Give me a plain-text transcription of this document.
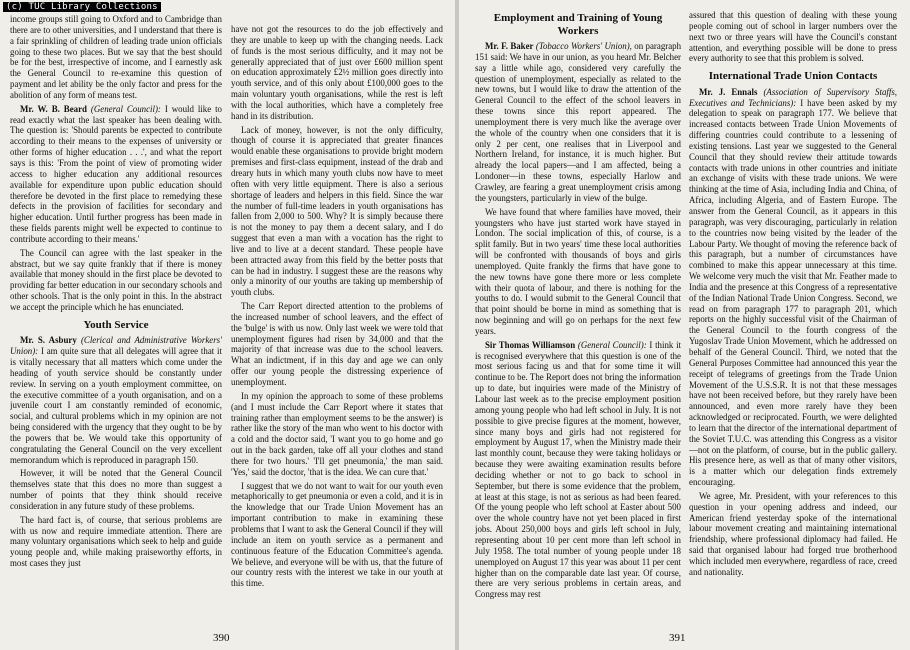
income groups still going to Oxford and to Cambridge than there are to other universities, and I understand that there is a fair sprinkling of children of leading trade union officials going to these two places. But we say that the best should be for the best, irrespective of income, and I earnestly ask the General Council to re-examine this question of payment and let ability be the only factor and press for the abolition of any form of means test.

Mr. W. B. Beard (General Council): I would like to read exactly what the last speaker has been dealing with. The question is: 'Should parents be expected to contribute according to their means to the expenses of university or other forms of higher education . . .', and what the report says is this: 'From the point of view of promoting wider access to higher education any additional resources available for expenditure upon public education should therefore be devoted in the first place to remedying these defects in the provision of facilities for secondary and higher education. Until further progress has been made in these fields parents might well be expected to continue to contribute according to their means.'

The Council can agree with the last speaker in the abstract, but we say quite frankly that if there is money available that money should in the first place be devoted to providing far better education in our secondary schools and other schools. That is the only point in this. In the abstract we accept the principle which he has enunciated.

Youth Service

Mr. S. Asbury (Clerical and Administrative Workers' Union): I am quite sure that all delegates will agree that it is vitally necessary that all matters which come under the heading of youth service should be constantly under review. In serving on a youth employment committee, on the executive committee of a youth organisation, and on a juvenile court I am constantly reminded of economic, social, and cultural problems which in my opinion are not being considered with the urgency that they ought to be by the powers that be. We would take this opportunity of congratulating the General Council on the very excellent memorandum which is reproduced in paragraph 150.

However, it will be noted that the General Council themselves state that this does no more than suggest a number of points that they think should receive consideration in any future study of these problems.

The hard fact is, of course, that serious problems are with us now and require immediate attention. There are many voluntary organisations which seek to help and guide young people and, while making praiseworthy efforts, in most cases they just

have not got the resources to do the job effectively and they are unable to keep up with the changing needs. Lack of funds is the most serious difficulty, and it may not be generally appreciated that of just over £600 million spent on education approximately £2½ million goes directly into youth service, and of this only about £100,000 goes to the main voluntary youth organisations, while the rest is left with the local authorities, which have a completely free hand in its distribution.

Lack of money, however, is not the only difficulty, though of course it is appreciated that greater finances would enable these organisations to provide bright modern premises and first-class equipment, instead of the drab and dreary huts in which many youth clubs now have to meet often with very little equipment. There is also a serious shortage of leaders and helpers in this field. Since the war the number of full-time leaders in youth organisations has fallen from 2,000 to 500. Why? It is simply because there is not the money to pay them a decent salary, and I do suggest that even a man with a vocation has the right to live and to live at a decent standard. These people have been attracted away from this field by the better posts that can be had in industry. I suggest these are the reasons why only a minority of our youths are taking up membership of youth clubs.

The Carr Report directed attention to the problems of the increased number of school leavers, and the effect of the 'bulge' is with us now. Only last week we were told that unemployment figures had risen by 34,000 and that the majority of that increase was due to the school leavers. What an indictment, if in this day and age we can only offer our young people the distressing experience of unemployment.

In my opinion the approach to some of these problems (and I must include the Carr Report where it states that training rather than employment seems to be the answer) is rather like the story of the man who went to his doctor with a cold and the doctor said, 'I want you to go home and go out in the back garden, take off all your clothes and stand there for two hours.' 'I'll get pneumonia,' the man said. 'Yes,' said the doctor, 'that is the idea. We can cure that.'

I suggest that we do not want to wait for our youth even metaphorically to get pneumonia or even a cold, and it is in the knowledge that our Trade Union Movement has an important contribution to make in examining these problems that I want to ask the General Council if they will include an item on youth service as a permanent and continuous feature of the Education Committee's agenda. We believe, and everyone will be with us, that the future of our country rests with the interest we take in our youth at this time.

390
Employment and Training of Young Workers

Mr. F. Baker (Tobacco Workers' Union), on paragraph 151 said: We have in our union, as you heard Mr. Belcher say a little while ago, considered very carefully the question of unemployment, especially as related to the new towns, but I would like to draw the attention of the General Council to the effect of the school leavers in these towns since this report appeared. The unemployment there is very much like the average over the whole of the country when one considers that it is only 2 per cent, one realises that in Liverpool and Northern Ireland, for instance, it is much higher. But already the local papers—and I am affected, being a Londoner—in these towns, especially Harlow and Crawley, are fearing a great unemployment crisis among the youngsters, particularly in view of the bulge.

We have found that where families have moved, their youngsters who have just started work have stayed in London. The social implication of this, of course, is a split family. But in two years' time these local authorities will be confronted with thousands of boys and girls unemployed. Quite frankly the firms that have gone to the new towns have gone there more or less complete with their quota of labour, and there is nothing for the youths to do. I would submit to the General Council that that point should be borne in mind as something that is now beginning and will go on perhaps for the next few years.

Sir Thomas Williamson (General Council): I think it is recognised everywhere that this question is one of the most serious facing us and that for some time it will continue to be. The Report does not bring the information up to date, but inquiries were made of the Ministry of Labour last week as to the precise employment position among young people who had left school in July. It is not possible to give precise figures at the moment, however, since many boys and girls had not registered for employment by August 17, when the Ministry made their last monthly count, because they were taking holidays or because they were awaiting examination results before deciding whether or not to go back to school in September, but there is some evidence that the problem, at least at this stage, is not as serious as had been feared. Of the young people who left school at Easter about 500 over the whole country have not yet been placed in first jobs. About 250,000 boys and girls left school in July, representing about 10 per cent more than left school in July 1958. The total number of young people under 18 unemployed on August 17 this year was about 11 per cent higher than on the comparable date last year. Of course, there are very serious problems in certain areas, and Congress may rest

assured that this question of dealing with these young people coming out of school in larger numbers over the next two or three years will have the Council's constant attention, and everything possible will be done to press every authority to see that this problem is solved.

International Trade Union Contacts

Mr. J. Ennals (Association of Supervisory Staffs, Executives and Technicians): I have been asked by my delegation to speak on paragraph 177. We believe that increased contacts between Trade Union Movements of differing countries could contribute to a lessening of existing tensions. Last year we suggested to the General Council that they should review their attitude towards contacts with trade unions in other countries and initiate an exchange of visits with these trade unions. We were thinking at the time of Asia, including India and China, of Africa, including Algeria, and of Eastern Europe. The answer from the General Council, as it appears in this paragraph, was very discouraging, particularly in relation to the countries now being visited by the leader of the Labour Party. We thought of moving the reference back of this paragraph, but a number of circumstances have combined to make this appear unnecessary at this time. We welcome very much the visit that Mr. Feather made to India and the presence at this Congress of a representative of the Indian National Trade Union Congress. Second, we read on from paragraph 177 to paragraph 201, which reports on the highly successful visit of the Chairman of the General Council to the fourth congress of the Yugoslav Trade Union Movement, which he addressed on behalf of the General Council. Third, we noted that the General Purposes Committee had announced this year the receipt of telegrams of greetings from the Trade Union Movement of the U.S.S.R. It is not that these messages have not been received before, but they rarely have been announced, and even more rarely have they been acknowledged or reciprocated. Fourth, we were delighted to learn that the director of the international department of the Soviet T.U.C. was attending this Congress as a visitor—not on the platform, of course, but in the public gallery. His presence here, as well as that of many other visitors, is a matter which our delegation finds extremely encouraging.

We agree, Mr. President, with your references to this question in your opening address and indeed, our American friend yesterday spoke of the international labour movement creating and maintaining international friendship, where professional diplomacy had failed. He said that organised labour had forged true brotherhood which included men everywhere, regardless of race, creed and nationality.

391
(c) TUC Library Collections
